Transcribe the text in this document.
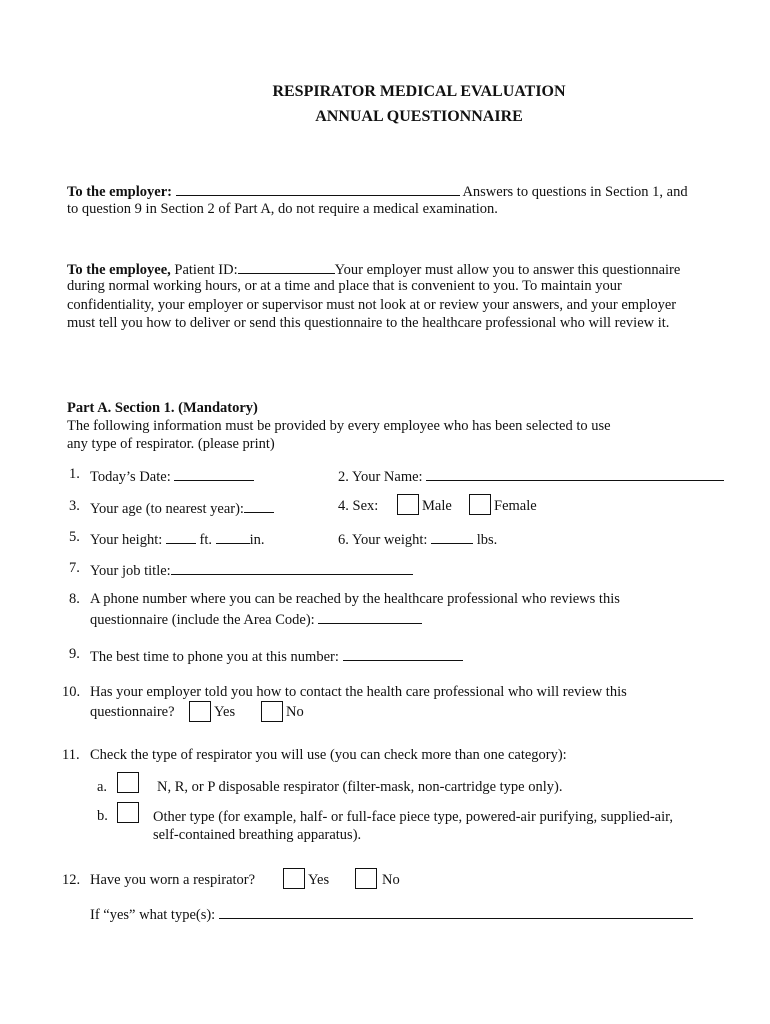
RESPIRATOR MEDICAL EVALUATION
ANNUAL QUESTIONNAIRE
To the employer:	Answers to questions in Section 1, and
to question 9 in Section 2 of Part A, do not require a medical examination.
To the employee, Patient ID:	Your employer must allow you to answer this questionnaire
during normal working hours, or at a time and place that is convenient to you. To maintain your
confidentiality, your employer or supervisor must not look at or review your answers, and your employer
must tell you how to deliver or send this questionnaire to the healthcare professional who will review it.
Part A. Section 1. (Mandatory)
The following information must be provided by every employee who has been selected to use
any type of respirator. (please print)
1. Today’s Date:	2. Your Name:
3. Your age (to nearest year):	4. Sex:	Male	Female
5. Your height:	ft.	in.	6. Your weight:	lbs.
7. Your job title:
8. A phone number where you can be reached by the healthcare professional who reviews this
questionnaire (include the Area Code):
9. The best time to phone you at this number:
10. Has your employer told you how to contact the health care professional who will review this
questionnaire?	Yes	No
11. Check the type of respirator you will use (you can check more than one category):
a.	N, R, or P disposable respirator (filter-mask, non-cartridge type only).
b.	Other type (for example, half- or full-face piece type, powered-air purifying, supplied-air,
self-contained breathing apparatus).
12. Have you worn a respirator?	Yes	No
If “yes” what type(s):
